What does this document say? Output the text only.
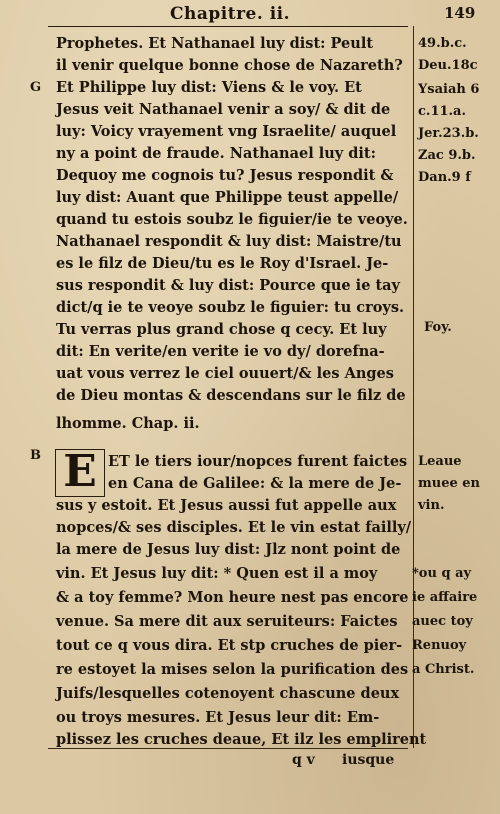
Chapitre. ii.	149
Prophetes. Et Nathanael luy dist: Peult
il venir quelque bonne chose de Nazareth?
Et Philippe luy dist: Viens & le voy. Et
Jesus veit Nathanael venir a soy/ & dit de
luy: Voicy vrayement vng Israelite/ auquel
ny a point de fraude. Nathanael luy dit:
Dequoy me cognois tu? Jesus respondit &
luy dist: Auant que Philippe teust appelle/
quand tu estois soubz le figuier/ie te veoye.
Nathanael respondit & luy dist: Maistre/tu
es le filz de Dieu/tu es le Roy d'Israel. Je-
sus respondit & luy dist: Pource que ie tay
dict/q ie te veoye soubz le figuier: tu croys.
Tu verras plus grand chose q cecy. Et luy
dit: En verite/en verite ie vo dy/ dorefna-
uat vous verrez le ciel ouuert/& les Anges
de Dieu montas & descendans sur le filz de
lhomme. Chap. ii.
E ET le tiers iour/nopces furent faictes
en Cana de Galilee: & la mere de Je-
sus y estoit. Et Jesus aussi fut appelle aux
nopces/& ses disciples. Et le vin estat failly/
la mere de Jesus luy dist: Jlz nont point de
vin. Et Jesus luy dit: * Quen est il a moy
& a toy femme? Mon heure nest pas encore
venue. Sa mere dit aux seruiteurs: Faictes
tout ce q vous dira. Et stp cruches de pier-
re estoyet la mises selon la purification des
Juifs/lesquelles cotenoyent chascune deux
ou troys mesures. Et Jesus leur dit: Em-
plissez les cruches deaue, Et ilz les emplirent
G
B
49.b.c.
Deu.18c
Ysaiah 6
c.11.a.
Jer.23.b.
Zac 9.b.
Dan.9 f
Foy.
Leaue
muee en
vin.
*ou q ay
ie affaire
auec toy
Renuoy
a Christ.
q v iusque
